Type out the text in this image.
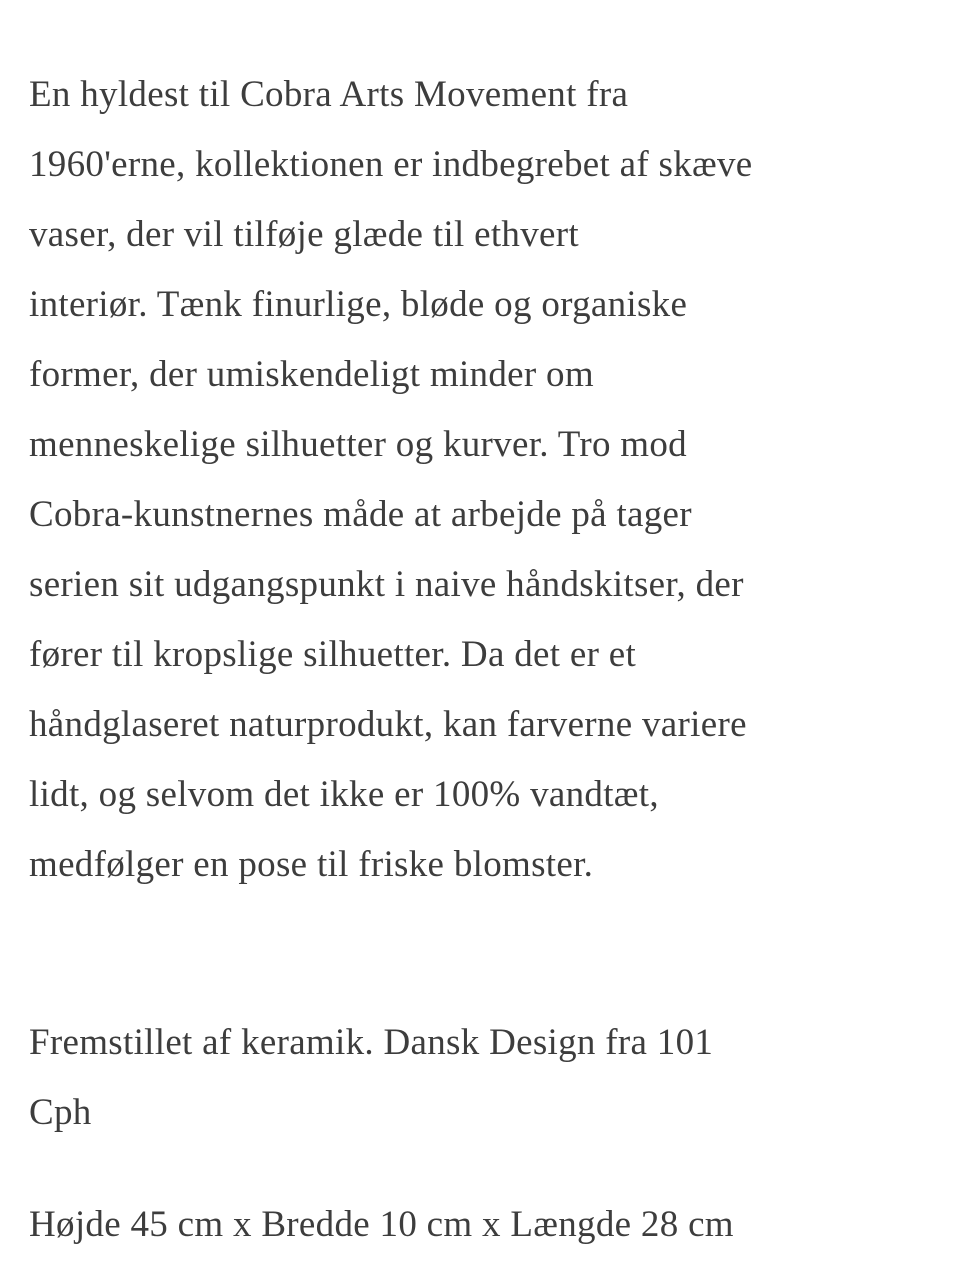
En hyldest til Cobra Arts Movement fra
1960'erne, kollektionen er indbegrebet af skæve
vaser, der vil tilføje glæde til ethvert
interiør. Tænk finurlige, bløde og organiske
former, der umiskendeligt minder om
menneskelige silhuetter og kurver. Tro mod
Cobra-kunstnernes måde at arbejde på tager
serien sit udgangspunkt i naive håndskitser, der
fører til kropslige silhuetter. Da det er et
håndglaseret naturprodukt, kan farverne variere
lidt, og selvom det ikke er 100% vandtæt,
medfølger en pose til friske blomster.

Fremstillet af keramik. Dansk Design fra 101
Cph

Højde 45 cm x Bredde 10 cm x Længde 28 cm
